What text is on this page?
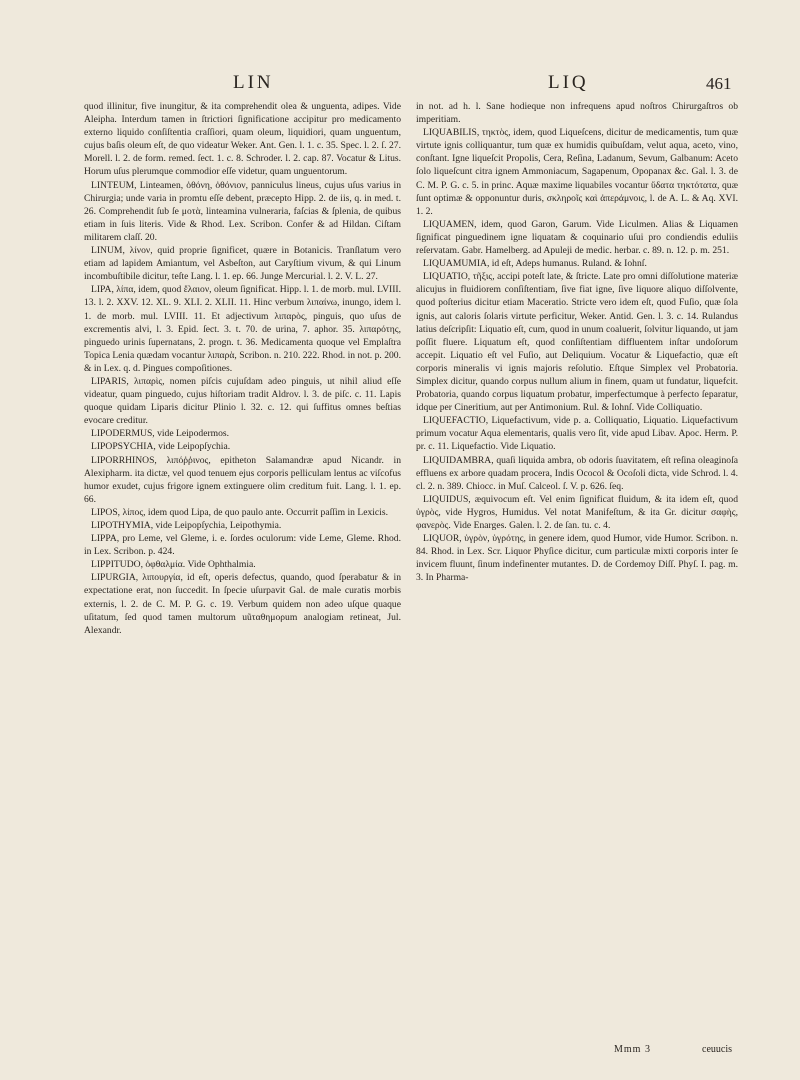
LIN	LIQ	461

quod illinitur, five inungitur, & ita comprehendit olea & unguenta, adipes. Vide Aleipha. Interdum tamen in ſtrictiori ſignificatione accipitur pro medicamento externo liquido conſiſtentia craſſiori, quam oleum, liquidiori, quam unguentum, cujus baſis oleum eſt, de quo videatur Weker. Ant. Gen. l. 1. c. 35. Spec. l. 2. ſ. 27. Morell. l. 2. de form. remed. ſect. 1. c. 8. Schroder. l. 2. cap. 87. Vocatur & Litus. Horum uſus plerumque commodior eſſe videtur, quam unguentorum.

LINTEUM, Linteamen, ὀθόνη, ὀθόνιον, panniculus lineus, cujus uſus varius in Chirurgia; unde varia in promtu eſſe debent, præcepto Hipp. 2. de iis, q. in med. t. 26. Comprehendit ſub ſe μοτὰ, linteamina vulneraria, faſcias & ſplenia, de quibus etiam in ſuis literis. Vide & Rhod. Lex. Scribon. Confer & ad Hildan. Ciſtam militarem claſſ. 20.

LINUM, λίνον, quid proprie ſignificet, quære in Botanicis. Tranſlatum vero etiam ad lapidem Amiantum, vel Asbeſton, aut Caryſtium vivum, & qui Linum incombuſtibile dicitur, teſte Lang. l. 1. ep. 66. Junge Mercurial. l. 2. V. L. 27.

LIPA, λίπα, idem, quod ἔλαιον, oleum ſignificat. Hipp. l. 1. de morb. mul. LVIII. 13. l. 2. XXV. 12. XL. 9. XLI. 2. XLII. 11. Hinc verbum λιπαίνω, inungo, idem l. 1. de morb. mul. LVIII. 11. Et adjectivum λιπαρὸς, pinguis, quo uſus de excrementis alvi, l. 3. Epid. ſect. 3. t. 70. de urina, 7. aphor. 35. λιπαρότης, pinguedo urinis ſupernatans, 2. progn. t. 36. Medicamenta quoque vel Emplaſtra Topica Lenia quædam vocantur λιπαρὰ, Scribon. n. 210. 222. Rhod. in not. p. 200. & in Lex. q. d. Pingues compoſitiones.

LIPARIS, λιπαρὶς, nomen piſcis cujuſdam adeo pinguis, ut nihil aliud eſſe videatur, quam pinguedo, cujus hiſtoriam tradit Aldrov. l. 3. de piſc. c. 11. Lapis quoque quidam Liparis dicitur Plinio l. 32. c. 12. qui ſuffitus omnes beſtias evocare creditur.

LIPODERMUS, vide Leipodermos.

LIPOPSYCHIA, vide Leipopſychia.

LIPORRHINOS, λιπόῤῥινος, epitheton Salamandræ apud Nicandr. in Alexipharm. ita dictæ, vel quod tenuem ejus corporis pelliculam lentus ac viſcofus humor exudet, cujus frigore ignem extinguere olim creditum fuit. Lang. l. 1. ep. 66.

LIPOS, λίπος, idem quod Lipa, de quo paulo ante. Occurrit paſſim in Lexicis.

LIPOTHYMIA, vide Leipopſychia, Leipothymia.

LIPPA, pro Leme, vel Gleme, i. e. ſordes oculorum: vide Leme, Gleme. Rhod. in Lex. Scribon. p. 424.

LIPPITUDO, ὀφθαλμία. Vide Ophthalmia.

LIPURGIA, λιπουργία, id eſt, operis defectus, quando, quod ſperabatur & in expectatione erat, non ſuccedit. In ſpecie uſurpavit Gal. de male curatis morbis externis, l. 2. de C. M. P. G. c. 19. Verbum quidem non adeo uſque quaque uſitatum, ſed quod tamen multorum uũταθημoρum analogiam retineat, Jul. Alexandr.

in not. ad h. l. Sane hodieque non infrequens apud noſtros Chirurgaſtros ob imperitiam.

LIQUABILIS, τηκτὸς, idem, quod Liqueſcens, dicitur de medicamentis, tum quæ virtute ignis colliquantur, tum quæ ex humidis quibuſdam, velut aqua, aceto, vino, conſtant. Igne liqueſcit Propolis, Cera, Reſina, Ladanum, Sevum, Galbanum: Aceto ſolo liqueſcunt citra ignem Ammoniacum, Sagapenum, Opopanax &c. Gal. l. 3. de C. M. P. G. c. 5. in princ. Aquæ maxime liquabiles vocantur ὕδατα τηκτότατα, quæ ſunt optimæ & opponuntur duris, σκληροῖς καὶ ἀπεράμνοις, l. de A. L. & Aq. XVI. 1. 2.

LIQUAMEN, idem, quod Garon, Garum. Vide Liculmen. Alias & Liquamen ſignificat pinguedinem igne liquatam & coquinario uſui pro condiendis eduliis reſervatam. Gabr. Hamelberg. ad Apuleji de medic. herbar. c. 89. n. 12. p. m. 251.

LIQUAMUMIA, id eſt, Adeps humanus. Ruland. & Iohnſ.

LIQUATIO, τῆξις, accipi poteſt late, & ſtricte. Late pro omni diſſolutione materiæ alicujus in fluidiorem conſiſtentiam, ſive fiat igne, ſive liquore aliquo diſſolvente, quod poſterius dicitur etiam Maceratio. Stricte vero idem eſt, quod Fuſio, quæ ſola ignis, aut caloris ſolaris virtute perficitur, Weker. Antid. Gen. l. 3. c. 14. Rulandus latius deſcripſit: Liquatio eſt, cum, quod in unum coaluerit, ſolvitur liquando, ut jam poſſit fluere. Liquatum eſt, quod conſiſtentiam diffluentem inſtar undoſorum accepit. Liquatio eſt vel Fuſio, aut Deliquium. Vocatur & Liquefactio, quæ eſt corporis mineralis vi ignis majoris reſolutio. Eſtque Simplex vel Probatoria. Simplex dicitur, quando corpus nullum alium in finem, quam ut fundatur, liquefcit. Probatoria, quando corpus liquatum probatur, imperfectumque à perfecto ſeparatur, idque per Cineritium, aut per Antimonium. Rul. & Iohnſ. Vide Colliquatio.

LIQUEFACTIO, Liquefactivum, vide p. a. Colliquatio, Liquatio. Liquefactivum primum vocatur Aqua elementaris, qualis vero ſit, vide apud Libav. Apoc. Herm. P. pr. c. 11. Liquefactio. Vide Liquatio.

LIQUIDAMBRA, quaſi liquida ambra, ob odoris ſuavitatem, eſt reſina oleaginoſa effluens ex arbore quadam procera, Indis Ococol & Ocoſoli dicta, vide Schrod. l. 4. cl. 2. n. 389. Chiocc. in Muſ. Calceol. ſ. V. p. 626. ſeq.

LIQUIDUS, æquivocum eſt. Vel enim ſignificat fluidum, & ita idem eſt, quod ὑγρὸς, vide Hygros, Humidus. Vel notat Manifeſtum, & ita Gr. dicitur σαφὴς, φανερὸς. Vide Enarges. Galen. l. 2. de ſan. tu. c. 4.

LIQUOR, ὑγρὸν, ὑγρότης, in genere idem, quod Humor, vide Humor. Scribon. n. 84. Rhod. in Lex. Scr. Liquor Phyſice dicitur, cum particulæ mixti corporis inter ſe invicem fluunt, ſinum indefinenter mutantes. D. de Cordemoy Diſſ. Phyſ. I. pag. m. 3. In Pharma-

Mmm 3	ceuucis
